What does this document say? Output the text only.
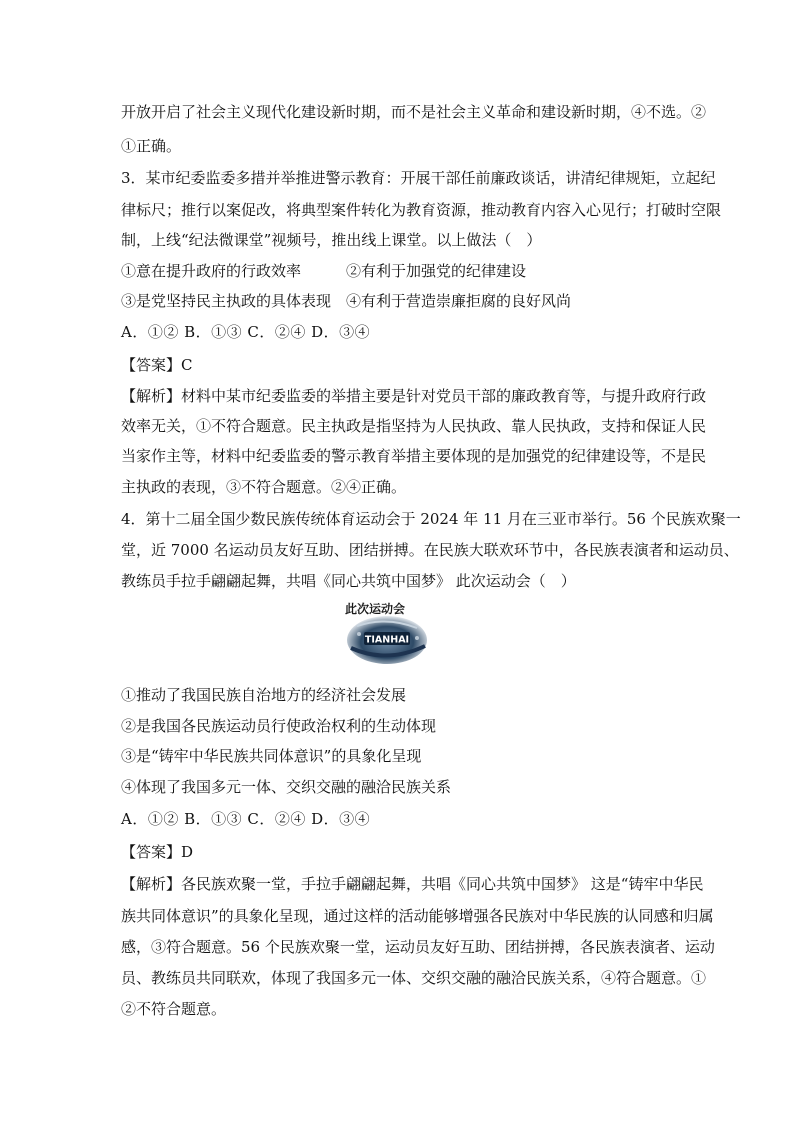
开放开启了社会主义现代化建设新时期，而不是社会主义革命和建设新时期，④不选。②
①正确。
3．某市纪委监委多措并举推进警示教育：开展干部任前廉政谈话，讲清纪律规矩，立起纪
律标尺；推行以案促改，将典型案件转化为教育资源，推动教育内容入心见行；打破时空限
制，上线“纪法微课堂”视频号，推出线上课堂。以上做法（　）
①意在提升政府的行政效率　　　②有利于加强党的纪律建设
③是党坚持民主执政的具体表现　④有利于营造崇廉拒腐的良好风尚
A．①② B．①③ C．②④ D．③④
【答案】C
【解析】材料中某市纪委监委的举措主要是针对党员干部的廉政教育等，与提升政府行政
效率无关，①不符合题意。民主执政是指坚持为人民执政、靠人民执政，支持和保证人民
当家作主等，材料中纪委监委的警示教育举措主要体现的是加强党的纪律建设等，不是民
主执政的表现，③不符合题意。②④正确。
4．第十二届全国少数民族传统体育运动会于 2024 年 11 月在三亚市举行。56 个民族欢聚一
堂，近 7000 名运动员友好互助、团结拼搏。在民族大联欢环节中，各民族表演者和运动员、
教练员手拉手翩翩起舞，共唱《同心共筑中国梦》 此次运动会（　）
此次运动会
TIANHAI
①推动了我国民族自治地方的经济社会发展
②是我国各民族运动员行使政治权利的生动体现
③是“铸牢中华民族共同体意识”的具象化呈现
④体现了我国多元一体、交织交融的融洽民族关系
A．①② B．①③ C．②④ D．③④
【答案】D
【解析】各民族欢聚一堂，手拉手翩翩起舞，共唱《同心共筑中国梦》 这是“铸牢中华民
族共同体意识”的具象化呈现，通过这样的活动能够增强各民族对中华民族的认同感和归属
感，③符合题意。56 个民族欢聚一堂，运动员友好互助、团结拼搏，各民族表演者、运动
员、教练员共同联欢，体现了我国多元一体、交织交融的融洽民族关系，④符合题意。①
②不符合题意。
